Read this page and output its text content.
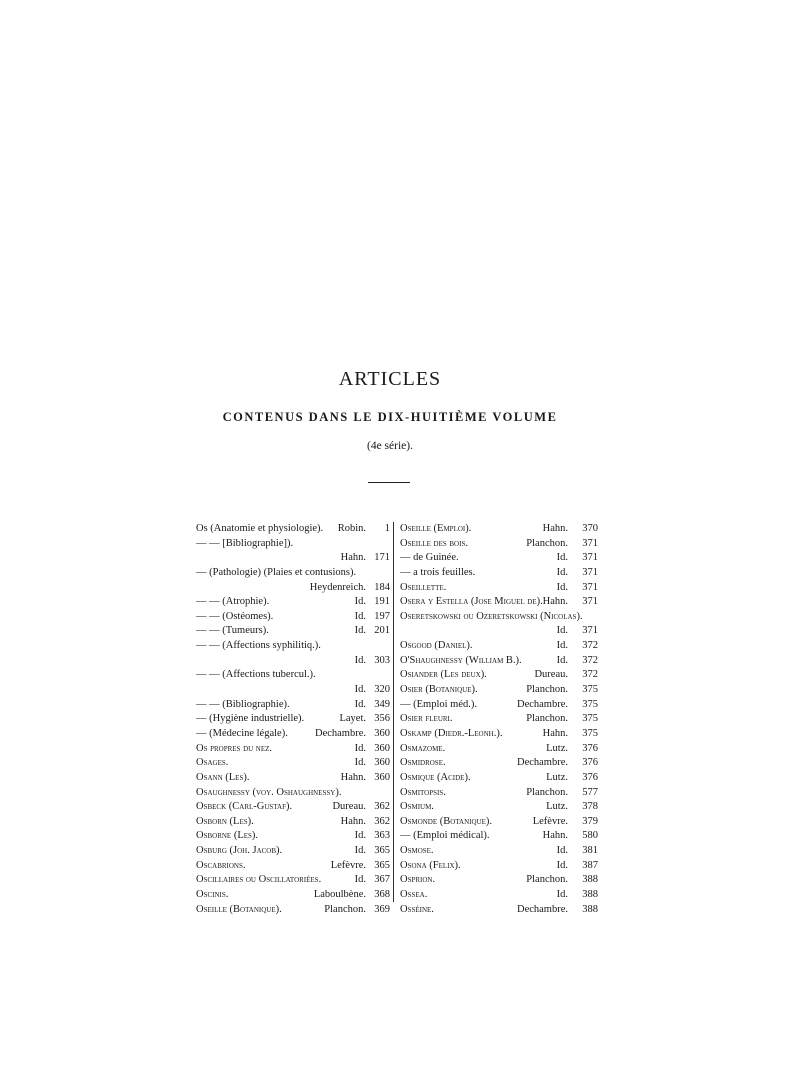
ARTICLES
CONTENUS DANS LE DIX-HUITIÈME VOLUME
(4e série).
Os (Anatomie et physiologie). Robin. 1
— — [Bibliographie]).
Hahn. 171
— (Pathologie) (Plaies et contusions).
Heydenreich. 184
— — (Atrophie).	Id. 191
— — (Ostéomes).	Id. 197
— — (Tumeurs).	Id. 201
— — (Affections syphilitiq.).
Id. 303
— — (Affections tubercul.).
Id. 320
— — (Bibliographie).	Id. 349
— (Hygiène industrielle).	Layet. 356
— (Médecine légale).	Dechambre. 360
Os propres du nez.	Id. 360
Osages.	Id. 360
Osann (Les).	Hahn. 360
Osaughnessy (voy. Oshaughnessy).
Osbeck (Carl-Gustaf).	Dureau. 362
Osborn (Les).	Hahn. 362
Osborne (Les).	Id. 363
Osburg (Joh. Jacob).	Id. 365
Oscabrions.	Lefèvre. 365
Oscillaires ou Oscillatoriées.	Id. 367
Oscinis.	Laboulbène. 368
Oseille (Botanique).	Planchon. 369
Oseille (Emploi).	Hahn. 370
Oseille des bois.	Planchon. 371
— de Guinée.	Id. 371
— a trois feuilles.	Id. 371
Oseillette.	Id. 371
Osera y Estella (Jose Miguel de). Hahn. 371
Oseretskowski ou Ozeretskowski (Nicolas).
Id. 371
Osgood (Daniel).	Id. 372
O'Shaughnessy (William B.).	Id. 372
Osiander (Les deux).	Dureau. 372
Osier (Botanique).	Planchon. 375
— (Emploi méd.).	Dechambre. 375
Osier fleuri.	Planchon. 375
Oskamp (Diedr.-Leonh.).	Hahn. 375
Osmazome.	Lutz. 376
Osmidrose.	Dechambre. 376
Osmique (Acide).	Lutz. 376
Osmitopsis.	Planchon. 577
Osmium.	Lutz. 378
Osmonde (Botanique).	Lefèvre. 379
— (Emploi médical).	Hahn. 580
Osmose.	Id. 381
Osona (Felix).	Id. 387
Osprion.	Planchon. 388
Ossea.	Id. 388
Osséine.	Dechambre. 388
